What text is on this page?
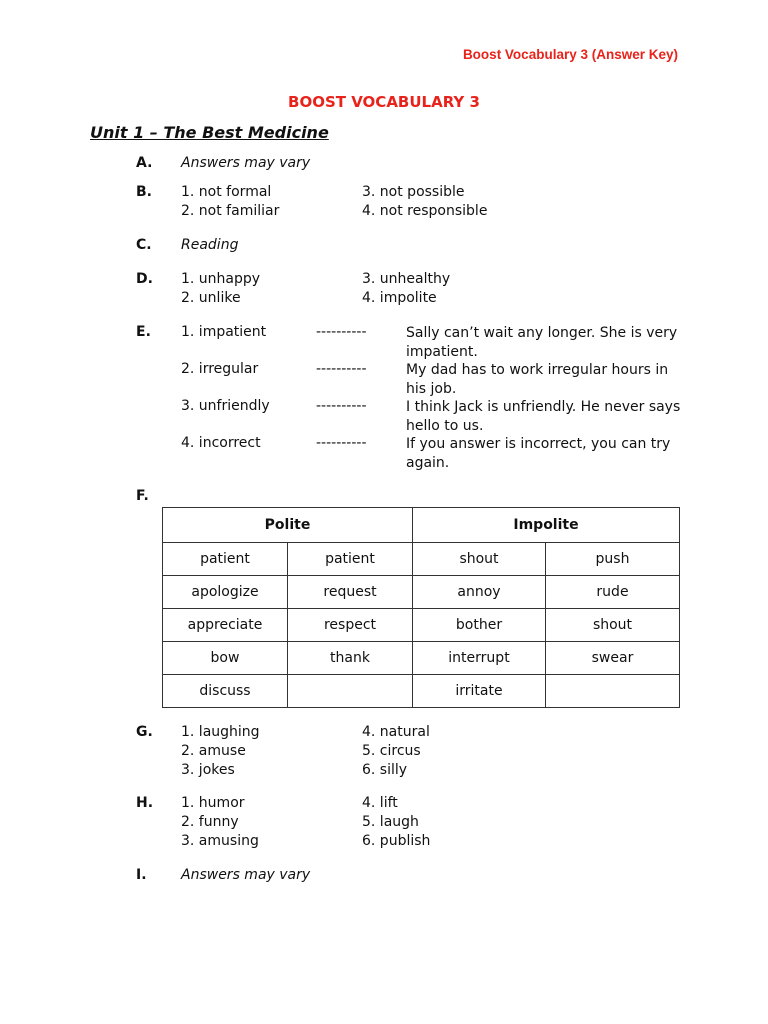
Boost Vocabulary 3 (Answer Key)
BOOST VOCABULARY 3
Unit 1 – The Best Medicine
A. Answers may vary
B. 1. not formal
2. not familiar
3. not possible
4. not responsible
C. Reading
D. 1. unhappy
2. unlike
3. unhealthy
4. impolite
E. 1. impatient	----------	Sally can’t wait any longer. She is very impatient.
2. irregular	----------	My dad has to work irregular hours in his job.
3. unfriendly	----------	I think Jack is unfriendly. He never says hello to us.
4. incorrect	----------	If you answer is incorrect, you can try again.
F.
Polite		Impolite	
patient	patient	shout	push
apologize	request	annoy	rude
appreciate	respect	bother	shout
bow	thank	interrupt	swear
discuss		irritate	
G. 1. laughing
2. amuse
3. jokes
4. natural
5. circus
6. silly
H. 1. humor
2. funny
3. amusing
4. lift
5. laugh
6. publish
I. Answers may vary
